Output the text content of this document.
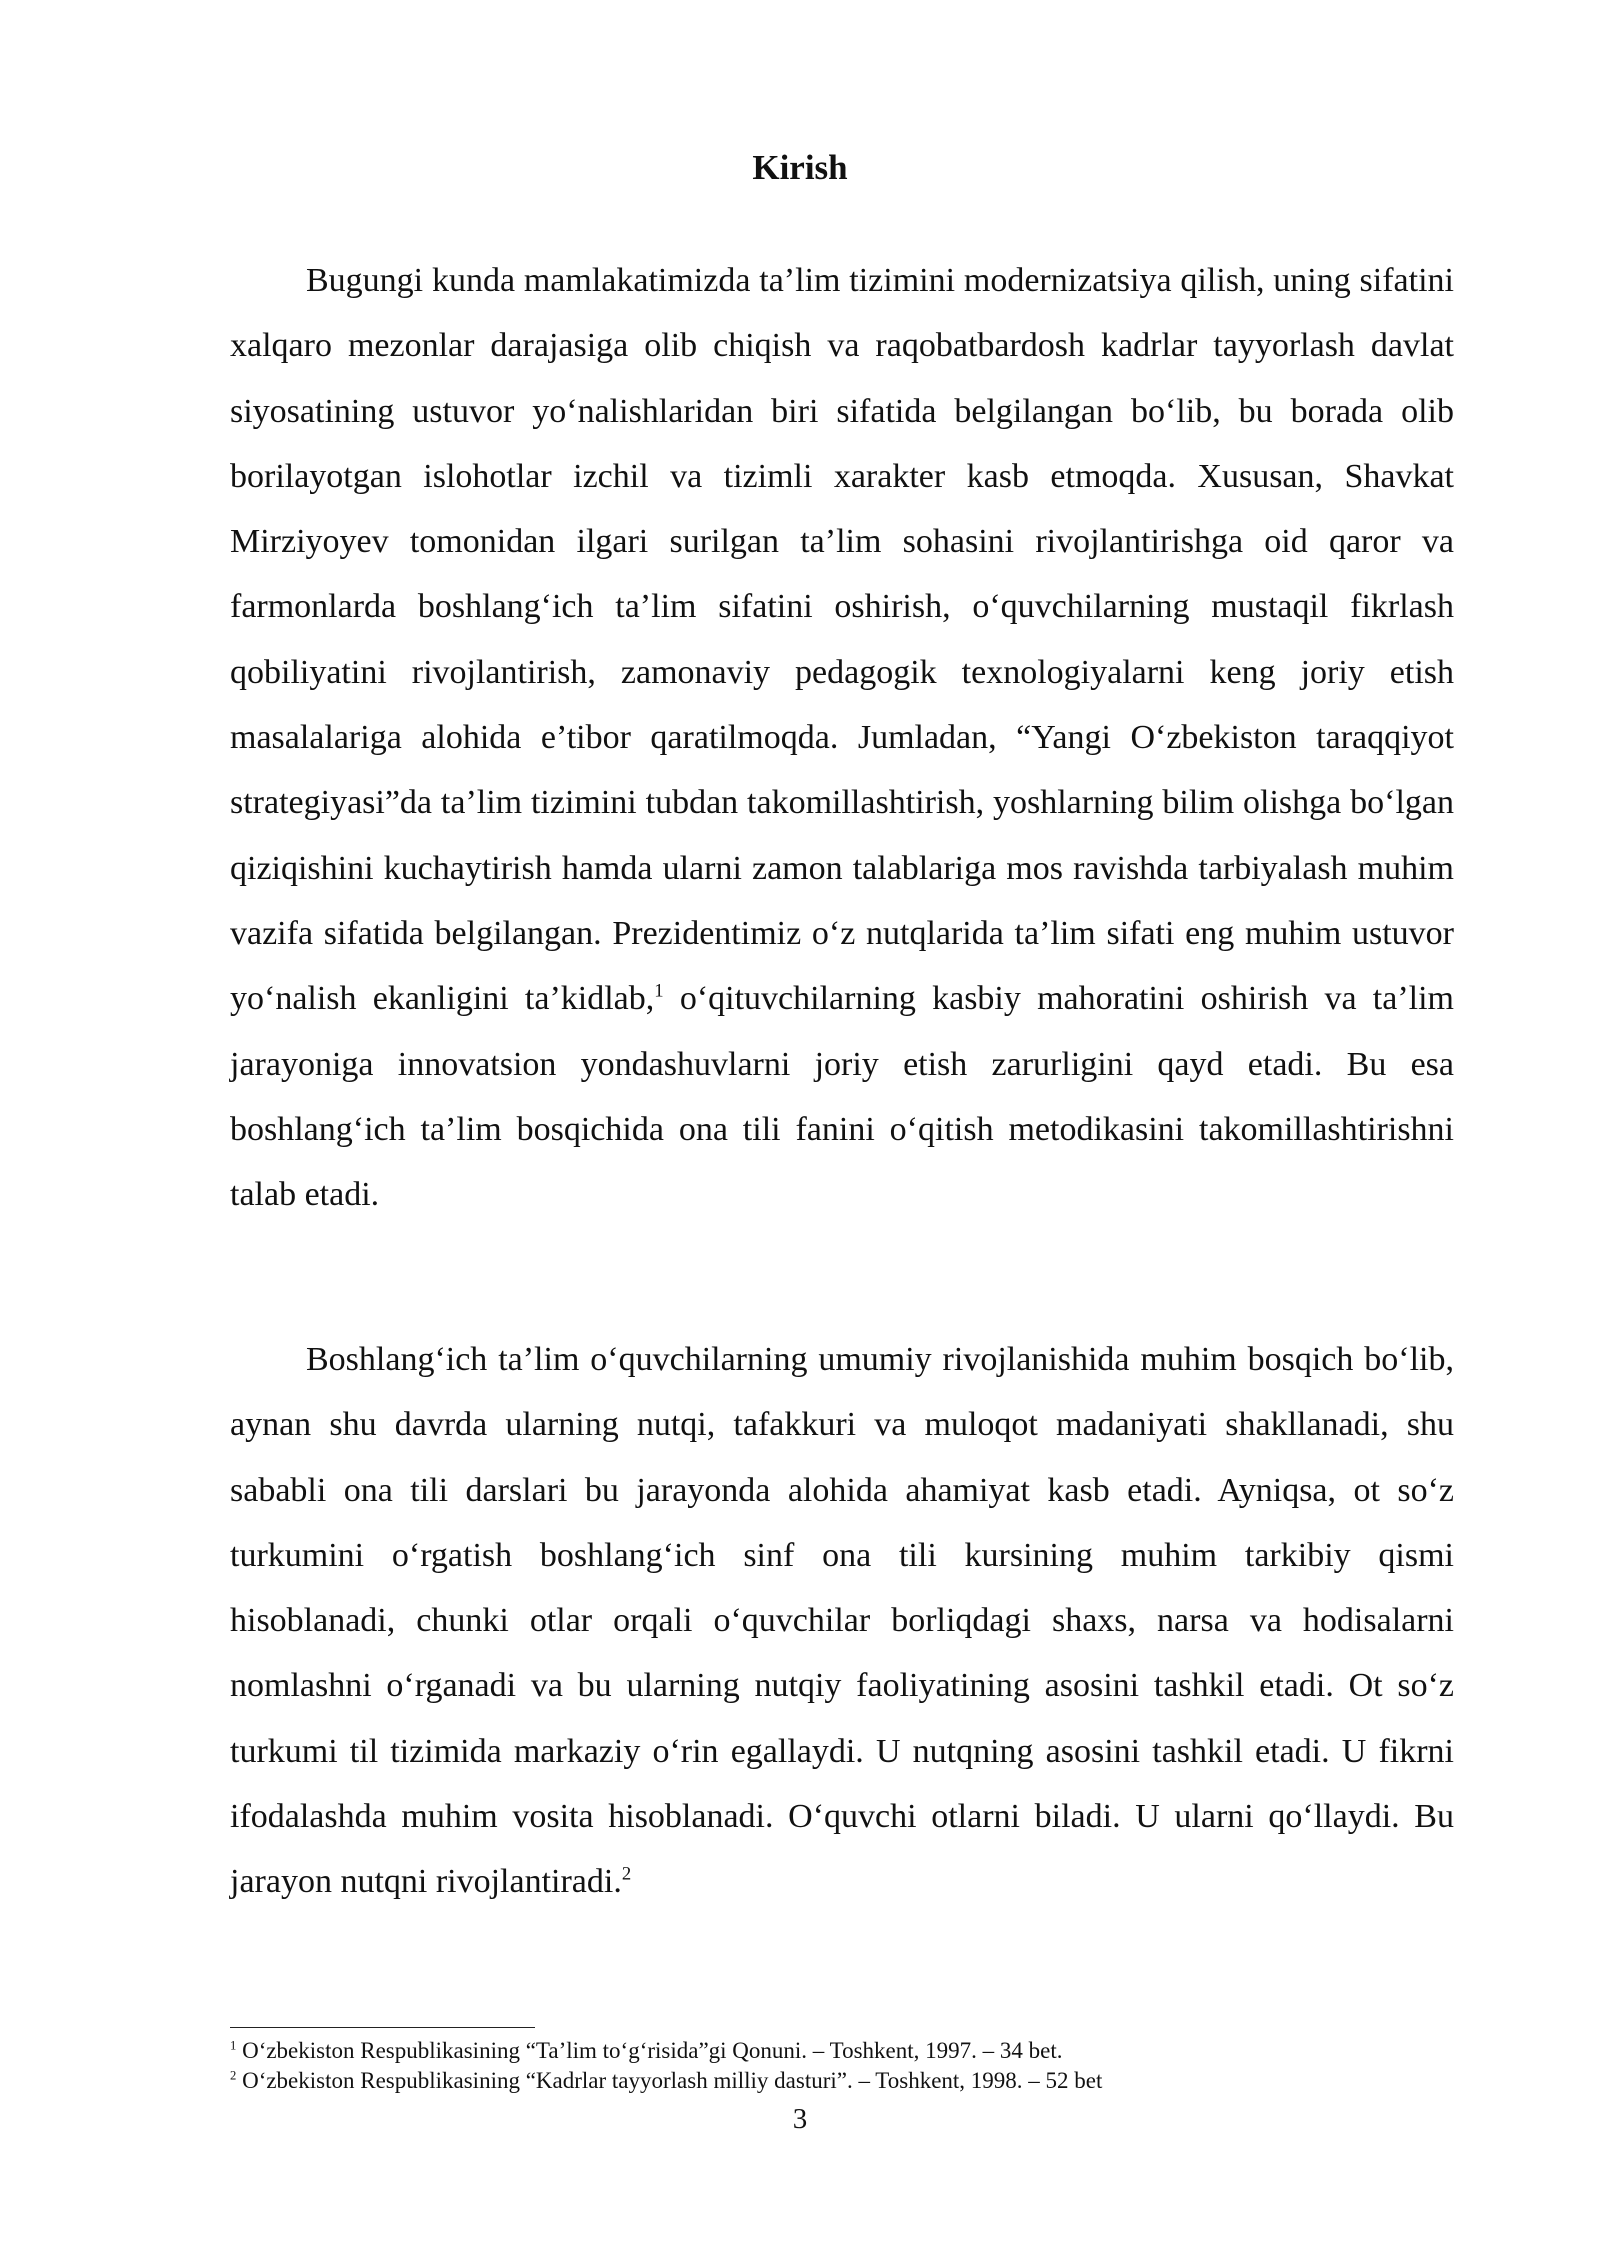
Kirish

Bugungi kunda mamlakatimizda ta’lim tizimini modernizatsiya qilish, uning sifatini xalqaro mezonlar darajasiga olib chiqish va raqobatbardosh kadrlar tayyorlash davlat siyosatining ustuvor yo‘nalishlaridan biri sifatida belgilangan bo‘lib, bu borada olib borilayotgan islohotlar izchil va tizimli xarakter kasb etmoqda. Xususan, Shavkat Mirziyoyev tomonidan ilgari surilgan ta’lim sohasini rivojlantirishga oid qaror va farmonlarda boshlang‘ich ta’lim sifatini oshirish, o‘quvchilarning mustaqil fikrlash qobiliyatini rivojlantirish, zamonaviy pedagogik texnologiyalarni keng joriy etish masalalariga alohida e’tibor qaratilmoqda. Jumladan, “Yangi O‘zbekiston taraqqiyot strategiyasi”da ta’lim tizimini tubdan takomillashtirish, yoshlarning bilim olishga bo‘lgan qiziqishini kuchaytirish hamda ularni zamon talablariga mos ravishda tarbiyalash muhim vazifa sifatida belgilangan. Prezidentimiz o‘z nutqlarida ta’lim sifati eng muhim ustuvor yo‘nalish ekanligini ta’kidlab,$^1$ o‘qituvchilarning kasbiy mahoratini oshirish va ta’lim jarayoniga innovatsion yondashuvlarni joriy etish zarurligini qayd etadi. Bu esa boshlang‘ich ta’lim bosqichida ona tili fanini o‘qitish metodikasini takomillashtirishni talab etadi.

Boshlang‘ich ta’lim o‘quvchilarning umumiy rivojlanishida muhim bosqich bo‘lib, aynan shu davrda ularning nutqi, tafakkuri va muloqot madaniyati shakllanadi, shu sababli ona tili darslari bu jarayonda alohida ahamiyat kasb etadi. Ayniqsa, ot so‘z turkumini o‘rgatish boshlang‘ich sinf ona tili kursining muhim tarkibiy qismi hisoblanadi, chunki otlar orqali o‘quvchilar borliqdagi shaxs, narsa va hodisalarni nomlashni o‘rganadi va bu ularning nutqiy faoliyatining asosini tashkil etadi. Ot so‘z turkumi til tizimida markaziy o‘rin egallaydi. U nutqning asosini tashkil etadi. U fikrni ifodalashda muhim vosita hisoblanadi. O‘quvchi otlarni biladi. U ularni qo‘llaydi. Bu jarayon nutqni rivojlantiradi.$^2$

$^1$ O‘zbekiston Respublikasining “Ta’lim to‘g‘risida”gi Qonuni. – Toshkent, 1997. – 34 bet.

$^2$ O‘zbekiston Respublikasining “Kadrlar tayyorlash milliy dasturi”. – Toshkent, 1998. – 52 bet

3
